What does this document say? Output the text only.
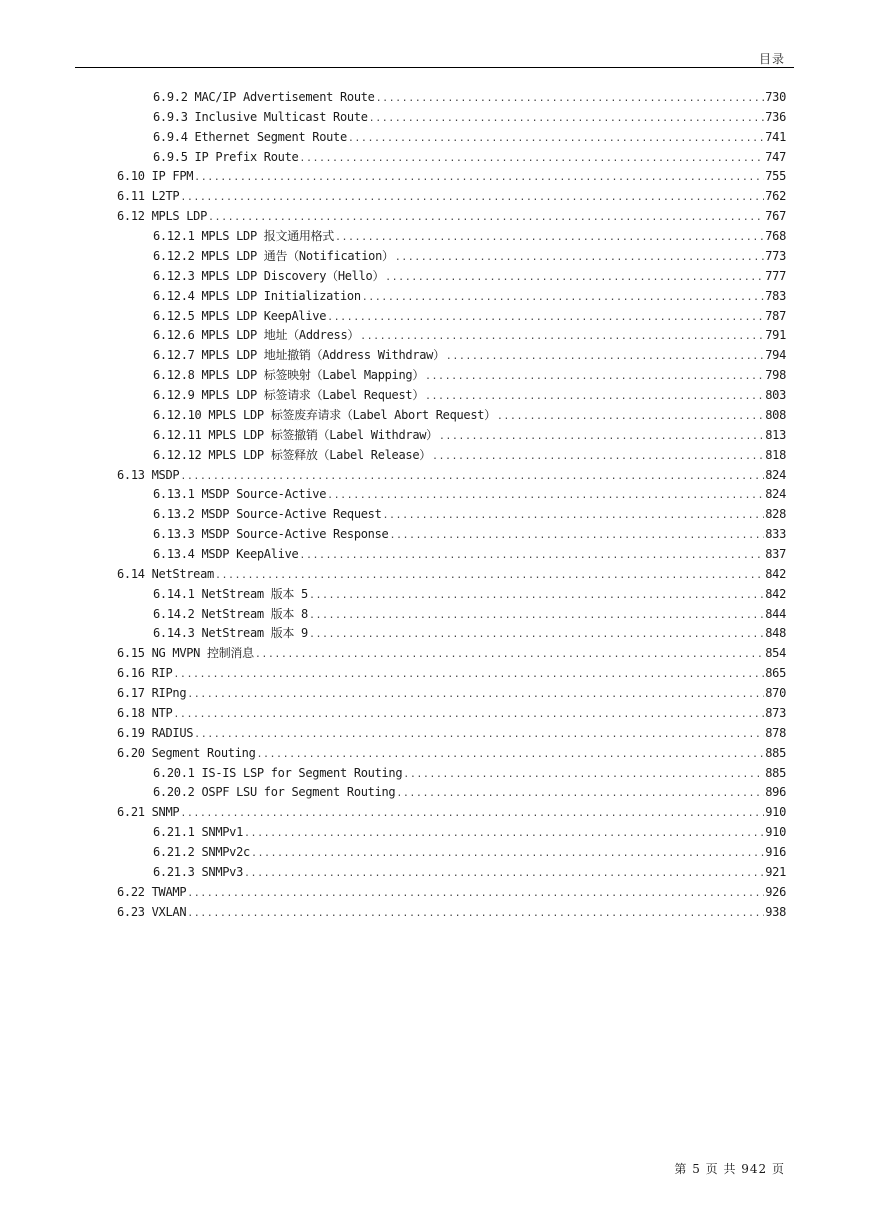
目录
6.9.2 MAC/IP Advertisement Route .....	730
6.9.3 Inclusive Multicast Route .....	736
6.9.4 Ethernet Segment Route .....	741
6.9.5 IP Prefix Route .....	747
6.10 IP FPM .....	755
6.11 L2TP .....	762
6.12 MPLS LDP .....	767
6.12.1 MPLS LDP 报文通用格式 .....	768
6.12.2 MPLS LDP 通告（Notification） .....	773
6.12.3 MPLS LDP Discovery（Hello） .....	777
6.12.4 MPLS LDP Initialization .....	783
6.12.5 MPLS LDP KeepAlive .....	787
6.12.6 MPLS LDP 地址（Address） .....	791
6.12.7 MPLS LDP 地址撤销（Address Withdraw） .....	794
6.12.8 MPLS LDP 标签映射（Label Mapping） .....	798
6.12.9 MPLS LDP 标签请求（Label Request） .....	803
6.12.10 MPLS LDP 标签废弃请求（Label Abort Request） .....	808
6.12.11 MPLS LDP 标签撤销（Label Withdraw） .....	813
6.12.12 MPLS LDP 标签释放（Label Release） .....	818
6.13 MSDP .....	824
6.13.1 MSDP Source-Active .....	824
6.13.2 MSDP Source-Active Request .....	828
6.13.3 MSDP Source-Active Response .....	833
6.13.4 MSDP KeepAlive .....	837
6.14 NetStream .....	842
6.14.1 NetStream 版本 5 .....	842
6.14.2 NetStream 版本 8 .....	844
6.14.3 NetStream 版本 9 .....	848
6.15 NG MVPN 控制消息 .....	854
6.16 RIP .....	865
6.17 RIPng .....	870
6.18 NTP .....	873
6.19 RADIUS .....	878
6.20 Segment Routing .....	885
6.20.1 IS-IS LSP for Segment Routing .....	885
6.20.2 OSPF LSU for Segment Routing .....	896
6.21 SNMP .....	910
6.21.1 SNMPv1 .....	910
6.21.2 SNMPv2c .....	916
6.21.3 SNMPv3 .....	921
6.22 TWAMP .....	926
6.23 VXLAN .....	938
第 5 页 共 942 页
